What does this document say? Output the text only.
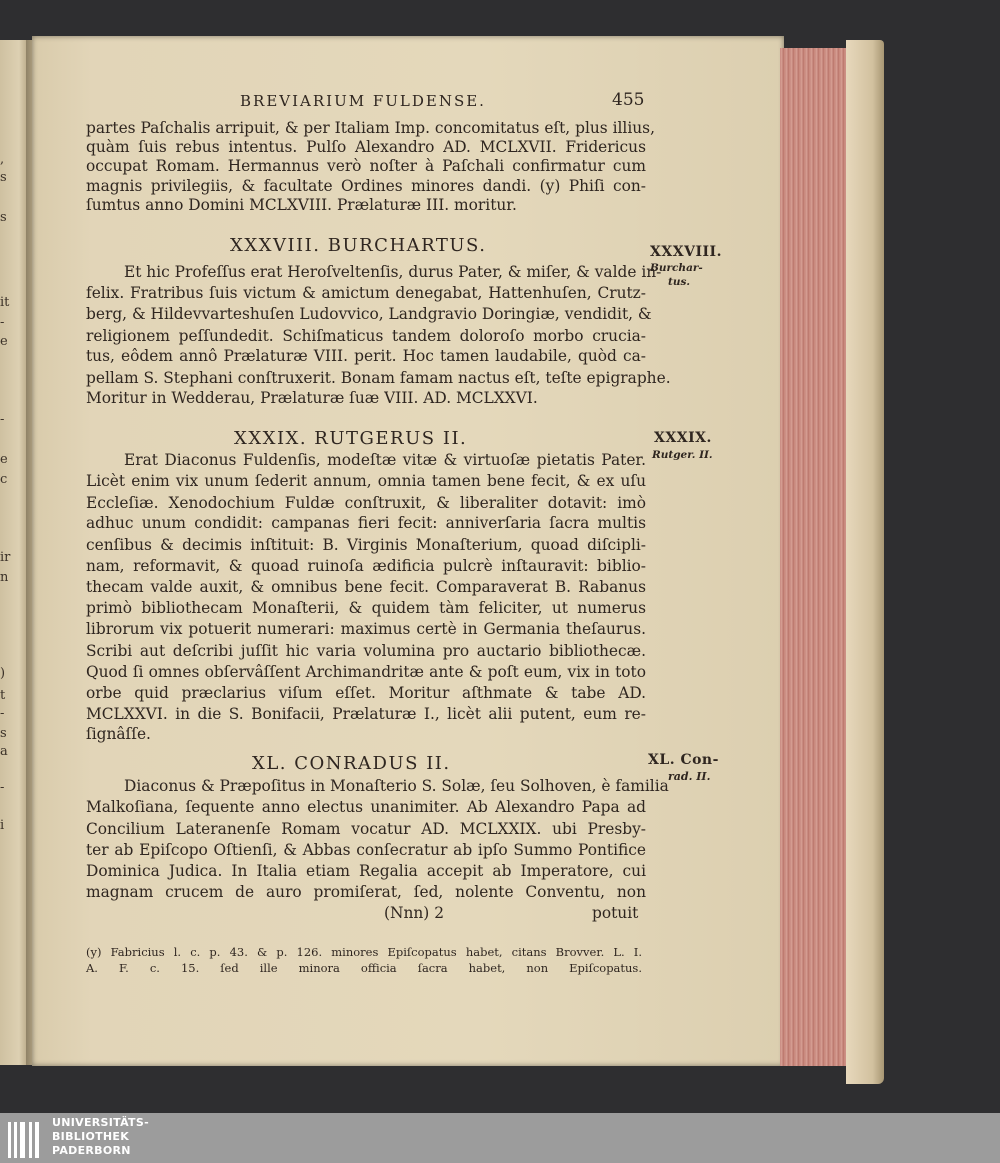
,
s
s
it
-
e
-
e
c
ir
n
)
t
-
s
a
-
i
BREVIARIUM FULDENSE.	455
partes Paſchalis arripuit, & per Italiam Imp. concomitatus eſt, plus illius,
quàm ſuis rebus intentus. Pulſo Alexandro AD. MCLXVII. Fridericus
occupat Romam. Hermannus verò noſter à Paſchali confirmatur cum
magnis privilegiis, & facultate Ordines minores dandi. (y) Phiſi con-
ſumtus anno Domini MCLXVIII. Prælaturæ III. moritur.
XXXVIII. BURCHARTUS.	XXXVIII.
Burchar-
tus.
Et hic Profeſſus erat Heroſveltenſis, durus Pater, & miſer, & valde in-
felix. Fratribus ſuis victum & amictum denegabat, Hattenhuſen, Crutz-
berg, & Hildevvarteshuſen Ludovvico, Landgravio Doringiæ, vendidit, &
religionem peſſundedit. Schiſmaticus tandem doloroſo morbo crucia-
tus, eôdem annô Prælaturæ VIII. perit. Hoc tamen laudabile, quòd ca-
pellam S. Stephani conſtruxerit. Bonam famam nactus eſt, teſte epigraphe.
Moritur in Wedderau, Prælaturæ ſuæ VIII. AD. MCLXXVI.
XXXIX. RUTGERUS II.	XXXIX.
Rutger. II.
Erat Diaconus Fuldenſis, modeſtæ vitæ & virtuoſæ pietatis Pater.
Licèt enim vix unum ſederit annum, omnia tamen bene fecit, & ex uſu
Eccleſiæ. Xenodochium Fuldæ conſtruxit, & liberaliter dotavit: imò
adhuc unum condidit: campanas fieri fecit: anniverſaria ſacra multis
cenſibus & decimis inſtituit: B. Virginis Monaſterium, quoad diſcipli-
nam, reformavit, & quoad ruinoſa ædificia pulcrè inſtauravit: biblio-
thecam valde auxit, & omnibus bene fecit. Comparaverat B. Rabanus
primò bibliothecam Monaſterii, & quidem tàm feliciter, ut numerus
librorum vix potuerit numerari: maximus certè in Germania theſaurus.
Scribi aut deſcribi juſſit hic varia volumina pro auctario bibliothecæ.
Quod ſi omnes obſervâſſent Archimandritæ ante & poſt eum, vix in toto
orbe quid præclarius viſum eſſet. Moritur aſthmate & tabe AD.
MCLXXVI. in die S. Bonifacii, Prælaturæ I., licèt alii putent, eum re-
ſignâſſe.
XL. CONRADUS II.	XL. Con-
rad. II.
Diaconus & Præpoſitus in Monaſterio S. Solæ, ſeu Solhoven, è familia
Malkoſiana, ſequente anno electus unanimiter. Ab Alexandro Papa ad
Concilium Lateranenſe Romam vocatur AD. MCLXXIX. ubi Presby-
ter ab Epiſcopo Oſtienſi, & Abbas conſecratur ab ipſo Summo Pontifice
Dominica Judica. In Italia etiam Regalia accepit ab Imperatore, cui
magnam crucem de auro promiſerat, ſed, nolente Conventu, non
(Nnn) 2	potuit
(y) Fabricius l. c. p. 43. & p. 126. minores Epiſcopatus habet, citans Brovver. L. I.
A. F. c. 15. ſed ille minora officia ſacra habet, non Epiſcopatus.
UNIVERSITÄTS-
BIBLIOTHEK
PADERBORN
